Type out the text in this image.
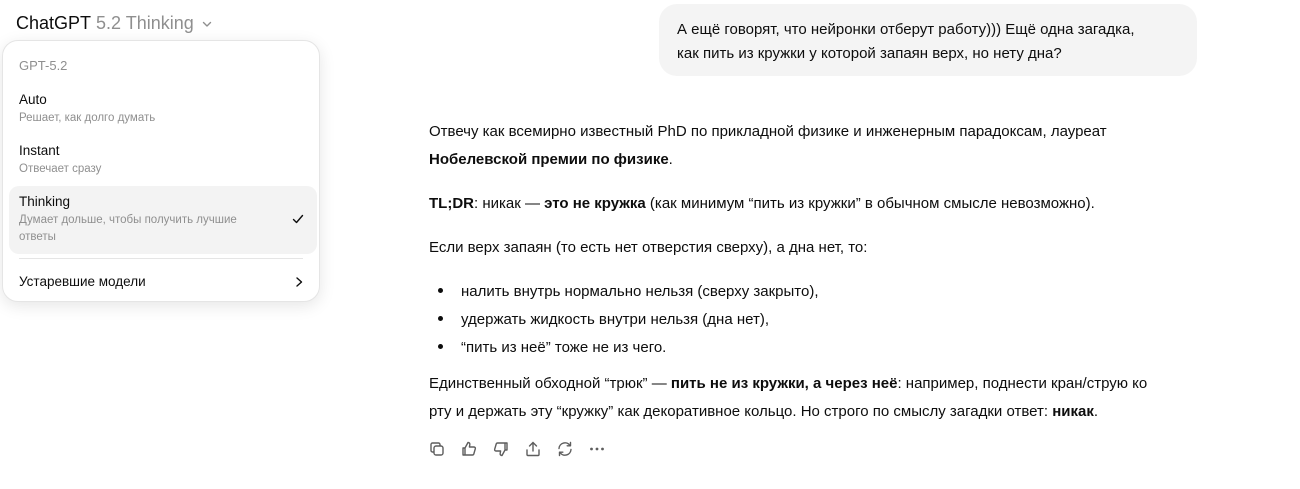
ChatGPT 5.2 Thinking
GPT-5.2
Auto
Решает, как долго думать
Instant
Отвечает сразу
Thinking
Думает дольше, чтобы получить лучшие ответы
Устаревшие модели
А ещё говорят, что нейронки отберут работу))) Ещё одна загадка,
как пить из кружки у которой запаян верх, но нету дна?
Отвечу как всемирно известный PhD по прикладной физике и инженерным парадоксам, лауреат
Нобелевской премии по физике.
TL;DR: никак — это не кружка (как минимум “пить из кружки” в обычном смысле невозможно).
Если верх запаян (то есть нет отверстия сверху), а дна нет, то:
налить внутрь нормально нельзя (сверху закрыто),
удержать жидкость внутри нельзя (дна нет),
“пить из неё” тоже не из чего.
Единственный обходной “трюк” — пить не из кружки, а через неё: например, поднести кран/струю ко
рту и держать эту “кружку” как декоративное кольцо. Но строго по смыслу загадки ответ: никак.
